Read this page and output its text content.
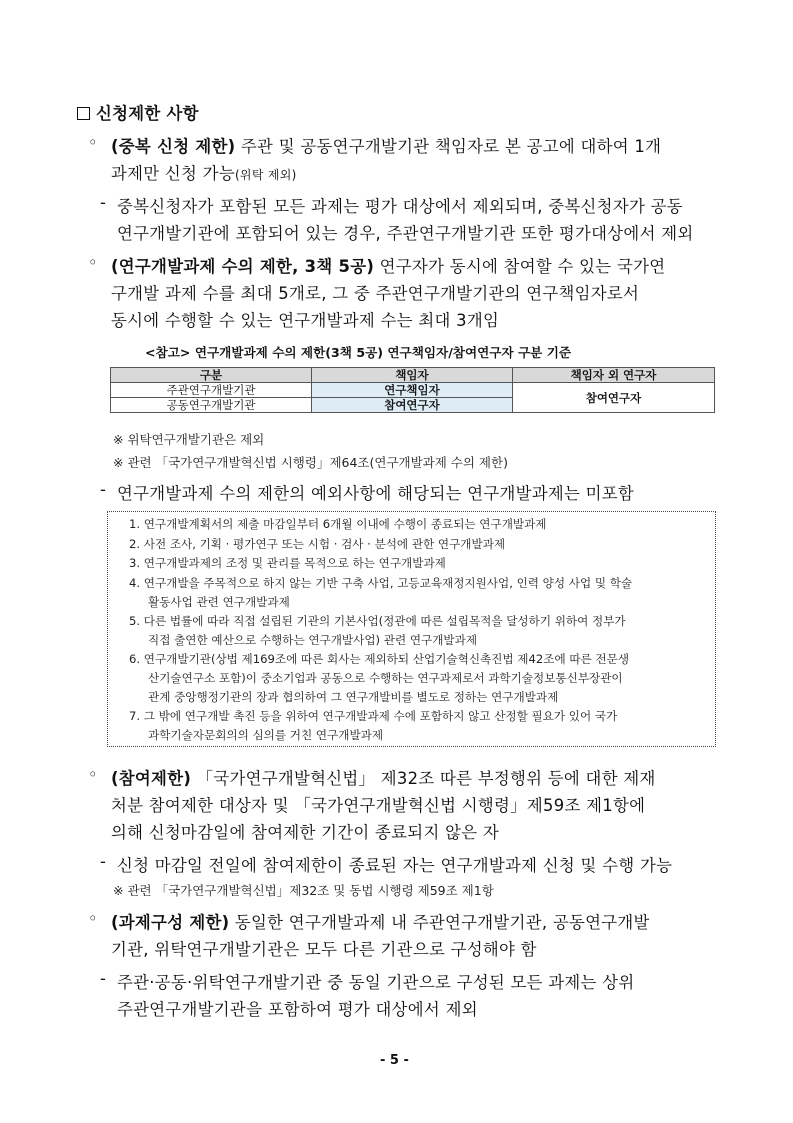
신청제한 사항
◦ (중복 신청 제한) 주관 및 공동연구개발기관 책임자로 본 공고에 대하여 1개
과제만 신청 가능(위탁 제외)
- 중복신청자가 포함된 모든 과제는 평가 대상에서 제외되며, 중복신청자가 공동
연구개발기관에 포함되어 있는 경우, 주관연구개발기관 또한 평가대상에서 제외
◦ (연구개발과제 수의 제한, 3책 5공) 연구자가 동시에 참여할 수 있는 국가연
구개발 과제 수를 최대 5개로, 그 중 주관연구개발기관의 연구책임자로서
동시에 수행할 수 있는 연구개발과제 수는 최대 3개임
<참고> 연구개발과제 수의 제한(3책 5공) 연구책임자/참여연구자 구분 기준
구분	책임자	책임자 외 연구자
주관연구개발기관	연구책임자	참여연구자
공동연구개발기관	참여연구자	
※ 위탁연구개발기관은 제외
※ 관련 「국가연구개발혁신법 시행령」제64조(연구개발과제 수의 제한)
- 연구개발과제 수의 제한의 예외사항에 해당되는 연구개발과제는 미포함
1. 연구개발계획서의 제출 마감일부터 6개월 이내에 수행이 종료되는 연구개발과제
2. 사전 조사, 기획 · 평가연구 또는 시험 · 검사 · 분석에 관한 연구개발과제
3. 연구개발과제의 조정 및 관리를 목적으로 하는 연구개발과제
4. 연구개발을 주목적으로 하지 않는 기반 구축 사업, 고등교육재정지원사업, 인력 양성 사업 및 학술
활동사업 관련 연구개발과제
5. 다른 법률에 따라 직접 설립된 기관의 기본사업(정관에 따른 설립목적을 달성하기 위하여 정부가
직접 출연한 예산으로 수행하는 연구개발사업) 관련 연구개발과제
6. 연구개발기관(상법 제169조에 따른 회사는 제외하되 산업기술혁신촉진법 제42조에 따른 전문생
산기술연구소 포함)이 중소기업과 공동으로 수행하는 연구과제로서 과학기술정보통신부장관이
관계 중앙행정기관의 장과 협의하여 그 연구개발비를 별도로 정하는 연구개발과제
7. 그 밖에 연구개발 촉진 등을 위하여 연구개발과제 수에 포함하지 않고 산정할 필요가 있어 국가
과학기술자문회의의 심의를 거친 연구개발과제
◦ (참여제한) 「국가연구개발혁신법」 제32조 따른 부정행위 등에 대한 제재
처분 참여제한 대상자 및 「국가연구개발혁신법 시행령」제59조 제1항에
의해 신청마감일에 참여제한 기간이 종료되지 않은 자
- 신청 마감일 전일에 참여제한이 종료된 자는 연구개발과제 신청 및 수행 가능
※ 관련 「국가연구개발혁신법」제32조 및 동법 시행령 제59조 제1항
◦ (과제구성 제한) 동일한 연구개발과제 내 주관연구개발기관, 공동연구개발
기관, 위탁연구개발기관은 모두 다른 기관으로 구성해야 함
- 주관·공동·위탁연구개발기관 중 동일 기관으로 구성된 모든 과제는 상위
주관연구개발기관을 포함하여 평가 대상에서 제외
- 5 -
